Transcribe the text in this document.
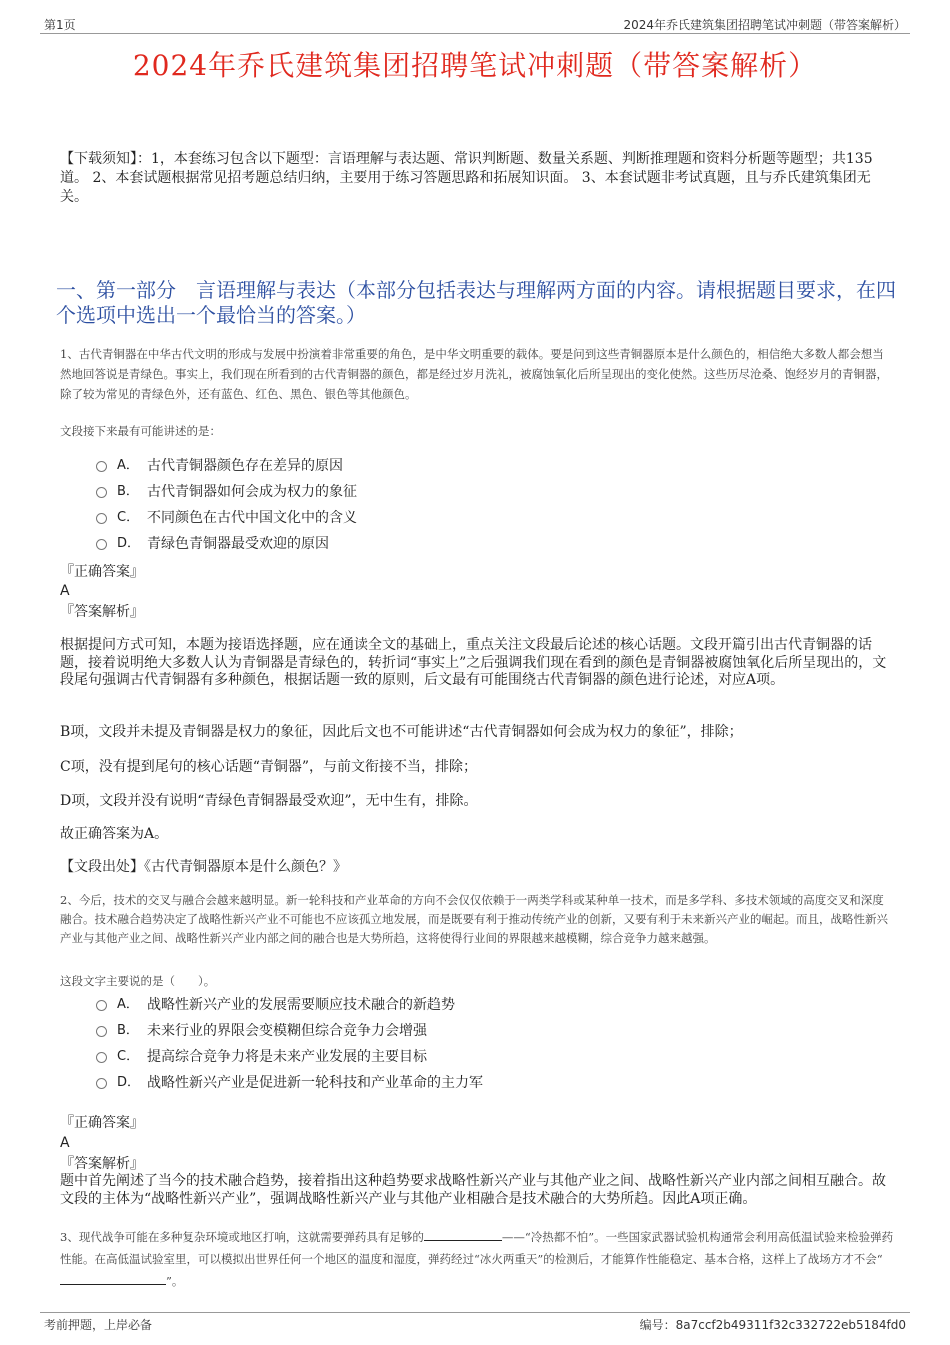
第1页	2024年乔氏建筑集团招聘笔试冲刺题（带答案解析）
2024年乔氏建筑集团招聘笔试冲刺题（带答案解析）
【下载须知】：1，本套练习包含以下题型：言语理解与表达题、常识判断题、数量关系题、判断推理题和资料分析题等题型；共135道。 2、本套试题根据常见招考题总结归纳，主要用于练习答题思路和拓展知识面。 3、本套试题非考试真题，且与乔氏建筑集团无关。
一、第一部分　言语理解与表达（本部分包括表达与理解两方面的内容。请根据题目要求，在四个选项中选出一个最恰当的答案。）
1、古代青铜器在中华古代文明的形成与发展中扮演着非常重要的角色，是中华文明重要的载体。要是问到这些青铜器原本是什么颜色的，相信绝大多数人都会想当然地回答说是青绿色。事实上，我们现在所看到的古代青铜器的颜色，都是经过岁月洗礼，被腐蚀氧化后所呈现出的变化使然。这些历尽沧桑、饱经岁月的青铜器，除了较为常见的青绿色外，还有蓝色、红色、黑色、银色等其他颜色。
文段接下来最有可能讲述的是：
A． 古代青铜器颜色存在差异的原因
B． 古代青铜器如何会成为权力的象征
C． 不同颜色在古代中国文化中的含义
D． 青绿色青铜器最受欢迎的原因
『正确答案』
A
『答案解析』
根据提问方式可知，本题为接语选择题，应在通读全文的基础上，重点关注文段最后论述的核心话题。文段开篇引出古代青铜器的话题，接着说明绝大多数人认为青铜器是青绿色的，转折词“事实上”之后强调我们现在看到的颜色是青铜器被腐蚀氧化后所呈现出的，文段尾句强调古代青铜器有多种颜色，根据话题一致的原则，后文最有可能围绕古代青铜器的颜色进行论述，对应A项。
B项，文段并未提及青铜器是权力的象征，因此后文也不可能讲述“古代青铜器如何会成为权力的象征”，排除；
C项，没有提到尾句的核心话题“青铜器”，与前文衔接不当，排除；
D项，文段并没有说明“青绿色青铜器最受欢迎”，无中生有，排除。
故正确答案为A。
【文段出处】《古代青铜器原本是什么颜色？》
2、今后，技术的交叉与融合会越来越明显。新一轮科技和产业革命的方向不会仅仅依赖于一两类学科或某种单一技术，而是多学科、多技术领域的高度交叉和深度融合。技术融合趋势决定了战略性新兴产业不可能也不应该孤立地发展，而是既要有利于推动传统产业的创新，又要有利于未来新兴产业的崛起。而且，战略性新兴产业与其他产业之间、战略性新兴产业内部之间的融合也是大势所趋，这将使得行业间的界限越来越模糊，综合竞争力越来越强。
这段文字主要说的是（　　）。
A． 战略性新兴产业的发展需要顺应技术融合的新趋势
B． 未来行业的界限会变模糊但综合竞争力会增强
C． 提高综合竞争力将是未来产业发展的主要目标
D． 战略性新兴产业是促进新一轮科技和产业革命的主力军
『正确答案』
A
『答案解析』
题中首先阐述了当今的技术融合趋势，接着指出这种趋势要求战略性新兴产业与其他产业之间、战略性新兴产业内部之间相互融合。故文段的主体为“战略性新兴产业”，强调战略性新兴产业与其他产业相融合是技术融合的大势所趋。因此A项正确。
3、现代战争可能在多种复杂环境或地区打响，这就需要弹药具有足够的	——“冷热都不怕”。一些国家武器试验机构通常会利用高低温试验来检验弹药性能。在高低温试验室里，可以模拟出世界任何一个地区的温度和湿度，弹药经过“冰火两重天”的检测后，才能算作性能稳定、基本合格，这样上了战场方才不会“”。
考前押题，上岸必备	编号：8a7ccf2b49311f32c332722eb5184fd0
